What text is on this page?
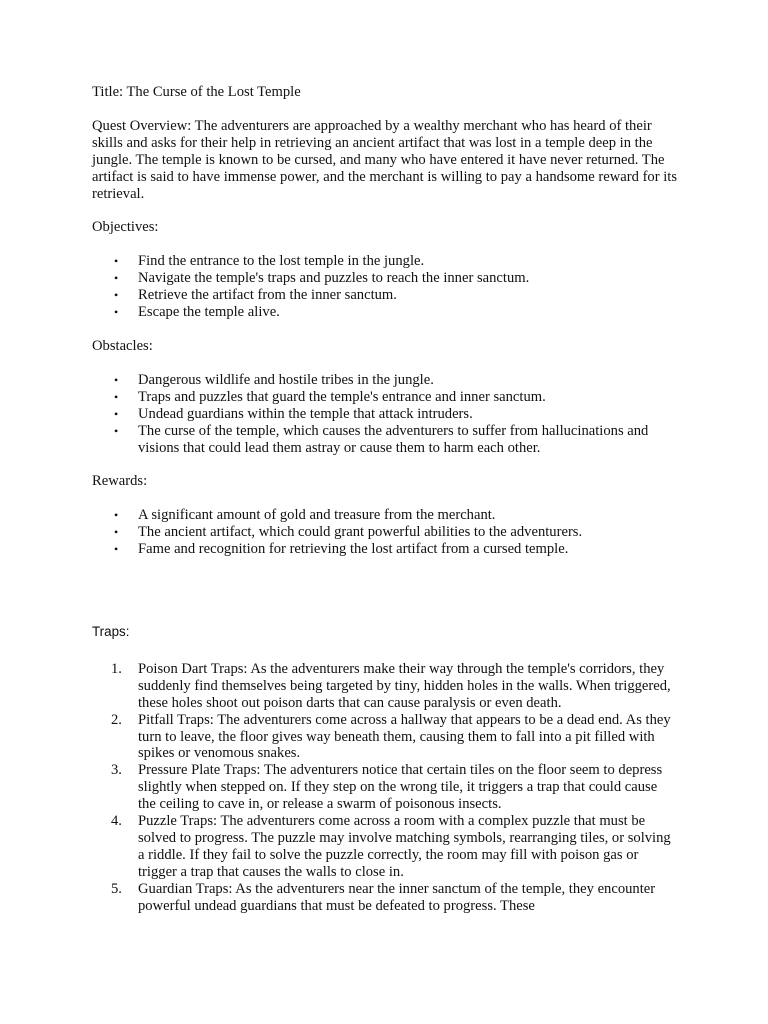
Title: The Curse of the Lost Temple

Quest Overview: The adventurers are approached by a wealthy merchant who has heard of their skills and asks for their help in retrieving an ancient artifact that was lost in a temple deep in the jungle. The temple is known to be cursed, and many who have entered it have never returned. The artifact is said to have immense power, and the merchant is willing to pay a handsome reward for its retrieval.

Objectives:

• Find the entrance to the lost temple in the jungle.
• Navigate the temple's traps and puzzles to reach the inner sanctum.
• Retrieve the artifact from the inner sanctum.
• Escape the temple alive.

Obstacles:

• Dangerous wildlife and hostile tribes in the jungle.
• Traps and puzzles that guard the temple's entrance and inner sanctum.
• Undead guardians within the temple that attack intruders.
• The curse of the temple, which causes the adventurers to suffer from hallucinations and visions that could lead them astray or cause them to harm each other.

Rewards:

• A significant amount of gold and treasure from the merchant.
• The ancient artifact, which could grant powerful abilities to the adventurers.
• Fame and recognition for retrieving the lost artifact from a cursed temple.

Traps:

1. Poison Dart Traps: As the adventurers make their way through the temple's corridors, they suddenly find themselves being targeted by tiny, hidden holes in the walls. When triggered, these holes shoot out poison darts that can cause paralysis or even death.
2. Pitfall Traps: The adventurers come across a hallway that appears to be a dead end. As they turn to leave, the floor gives way beneath them, causing them to fall into a pit filled with spikes or venomous snakes.
3. Pressure Plate Traps: The adventurers notice that certain tiles on the floor seem to depress slightly when stepped on. If they step on the wrong tile, it triggers a trap that could cause the ceiling to cave in, or release a swarm of poisonous insects.
4. Puzzle Traps: The adventurers come across a room with a complex puzzle that must be solved to progress. The puzzle may involve matching symbols, rearranging tiles, or solving a riddle. If they fail to solve the puzzle correctly, the room may fill with poison gas or trigger a trap that causes the walls to close in.
5. Guardian Traps: As the adventurers near the inner sanctum of the temple, they encounter powerful undead guardians that must be defeated to progress. These
